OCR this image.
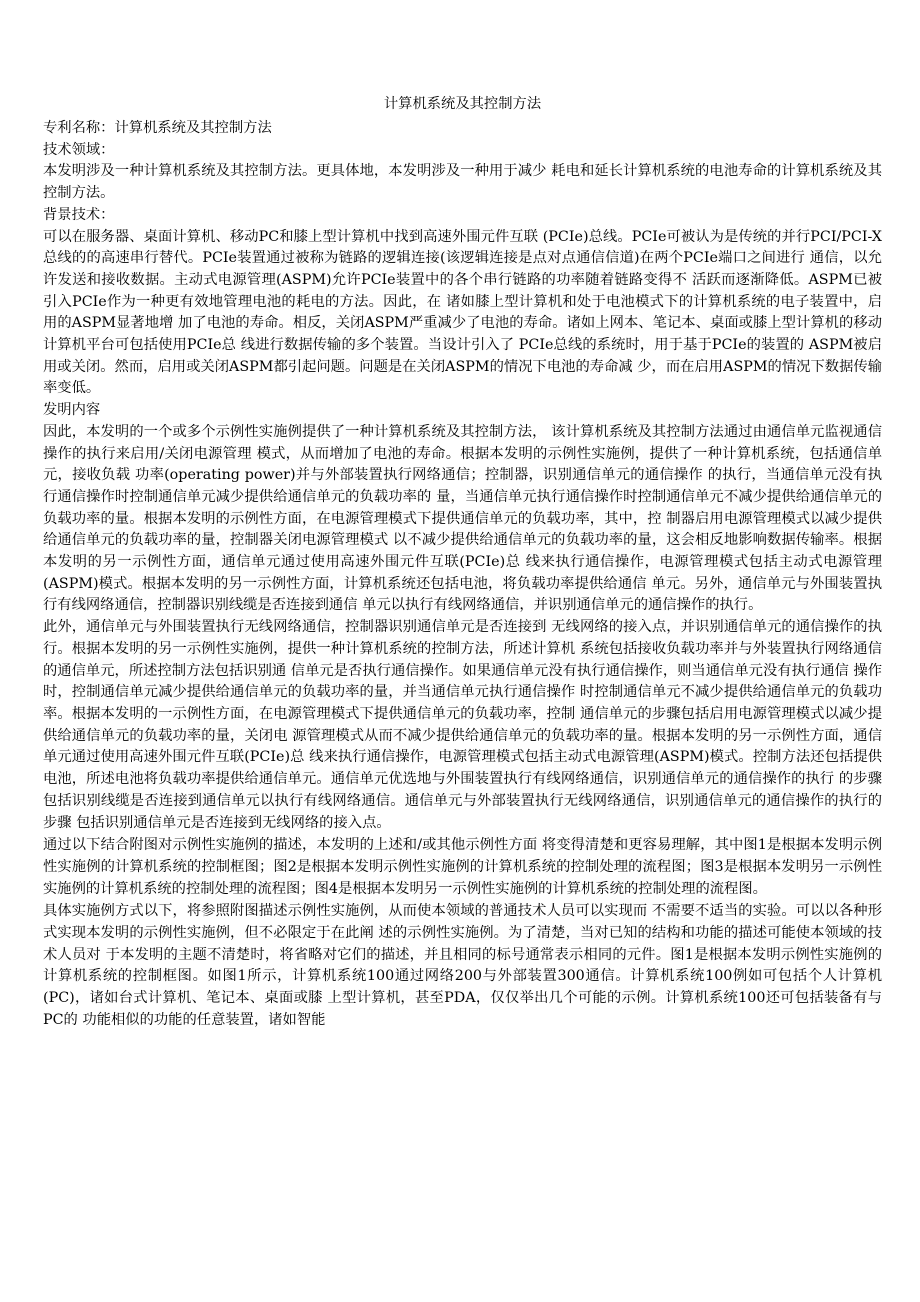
计算机系统及其控制方法

专利名称：计算机系统及其控制方法

技术领域：

本发明涉及一种计算机系统及其控制方法。更具体地，本发明涉及一种用于减少 耗电和延长计算机系统的电池寿命的计算机系统及其控制方法。

背景技术：

可以在服务器、桌面计算机、移动PC和膝上型计算机中找到高速外围元件互联 (PCIe)总线。PCIe可被认为是传统的并行PCI/PCI-X总线的的高速串行替代。PCIe装置通过被称为链路的逻辑连接(该逻辑连接是点对点通信信道)在两个PCIe端口之间进行 通信，以允许发送和接收数据。主动式电源管理(ASPM)允许PCIe装置中的各个串行链路的功率随着链路变得不 活跃而逐渐降低。ASPM已被引入PCIe作为一种更有效地管理电池的耗电的方法。因此，在 诸如膝上型计算机和处于电池模式下的计算机系统的电子装置中，启用的ASPM显著地增 加了电池的寿命。相反，关闭ASPM严重减少了电池的寿命。诸如上网本、笔记本、桌面或膝上型计算机的移动计算机平台可包括使用PCIe总 线进行数据传输的多个装置。当设计引入了 PCIe总线的系统时，用于基于PCIe的装置的 ASPM被启用或关闭。然而，启用或关闭ASPM都引起问题。问题是在关闭ASPM的情况下电池的寿命减 少，而在启用ASPM的情况下数据传输率变低。

发明内容

因此，本发明的一个或多个示例性实施例提供了一种计算机系统及其控制方法， 该计算机系统及其控制方法通过由通信单元监视通信操作的执行来启用/关闭电源管理 模式，从而增加了电池的寿命。根据本发明的示例性实施例，提供了一种计算机系统，包括通信单元，接收负载 功率(operating power)并与外部装置执行网络通信；控制器，识别通信单元的通信操作 的执行，当通信单元没有执行通信操作时控制通信单元减少提供给通信单元的负载功率的 量，当通信单元执行通信操作时控制通信单元不减少提供给通信单元的负载功率的量。根据本发明的示例性方面，在电源管理模式下提供通信单元的负载功率，其中，控 制器启用电源管理模式以减少提供给通信单元的负载功率的量，控制器关闭电源管理模式 以不减少提供给通信单元的负载功率的量，这会相反地影响数据传输率。根据本发明的另一示例性方面，通信单元通过使用高速外围元件互联(PCIe)总 线来执行通信操作，电源管理模式包括主动式电源管理(ASPM)模式。根据本发明的另一示例性方面，计算机系统还包括电池，将负载功率提供给通信 单元。另外，通信单元与外围装置执行有线网络通信，控制器识别线缆是否连接到通信 单元以执行有线网络通信，并识别通信单元的通信操作的执行。

此外，通信单元与外围装置执行无线网络通信，控制器识别通信单元是否连接到 无线网络的接入点，并识别通信单元的通信操作的执行。根据本发明的另一示例性实施例，提供一种计算机系统的控制方法，所述计算机 系统包括接收负载功率并与外装置执行网络通信的通信单元，所述控制方法包括识别通 信单元是否执行通信操作。如果通信单元没有执行通信操作，则当通信单元没有执行通信 操作时，控制通信单元减少提供给通信单元的负载功率的量，并当通信单元执行通信操作 时控制通信单元不减少提供给通信单元的负载功率。根据本发明的一示例性方面，在电源管理模式下提供通信单元的负载功率，控制 通信单元的步骤包括启用电源管理模式以减少提供给通信单元的负载功率的量，关闭电 源管理模式从而不减少提供给通信单元的负载功率的量。根据本发明的另一示例性方面，通信单元通过使用高速外围元件互联(PCIe)总 线来执行通信操作，电源管理模式包括主动式电源管理(ASPM)模式。控制方法还包括提供电池，所述电池将负载功率提供给通信单元。通信单元优选地与外围装置执行有线网络通信，识别通信单元的通信操作的执行 的步骤包括识别线缆是否连接到通信单元以执行有线网络通信。通信单元与外部装置执行无线网络通信，识别通信单元的通信操作的执行的步骤 包括识别通信单元是否连接到无线网络的接入点。

通过以下结合附图对示例性实施例的描述，本发明的上述和/或其他示例性方面 将变得清楚和更容易理解，其中图1是根据本发明示例性实施例的计算机系统的控制框图；图2是根据本发明示例性实施例的计算机系统的控制处理的流程图；图3是根据本发明另一示例性实施例的计算机系统的控制处理的流程图；图4是根据本发明另一示例性实施例的计算机系统的控制处理的流程图。

具体实施例方式以下，将参照附图描述示例性实施例，从而使本领域的普通技术人员可以实现而 不需要不适当的实验。可以以各种形式实现本发明的示例性实施例，但不必限定于在此阐 述的示例性实施例。为了清楚，当对已知的结构和功能的描述可能使本领域的技术人员对 于本发明的主题不清楚时，将省略对它们的描述，并且相同的标号通常表示相同的元件。图1是根据本发明示例性实施例的计算机系统的控制框图。如图1所示，计算机系统100通过网络200与外部装置300通信。计算机系统100例如可包括个人计算机(PC)，诸如台式计算机、笔记本、桌面或膝 上型计算机，甚至PDA，仅仅举出几个可能的示例。计算机系统100还可包括装备有与PC的 功能相似的功能的任意装置，诸如智能
